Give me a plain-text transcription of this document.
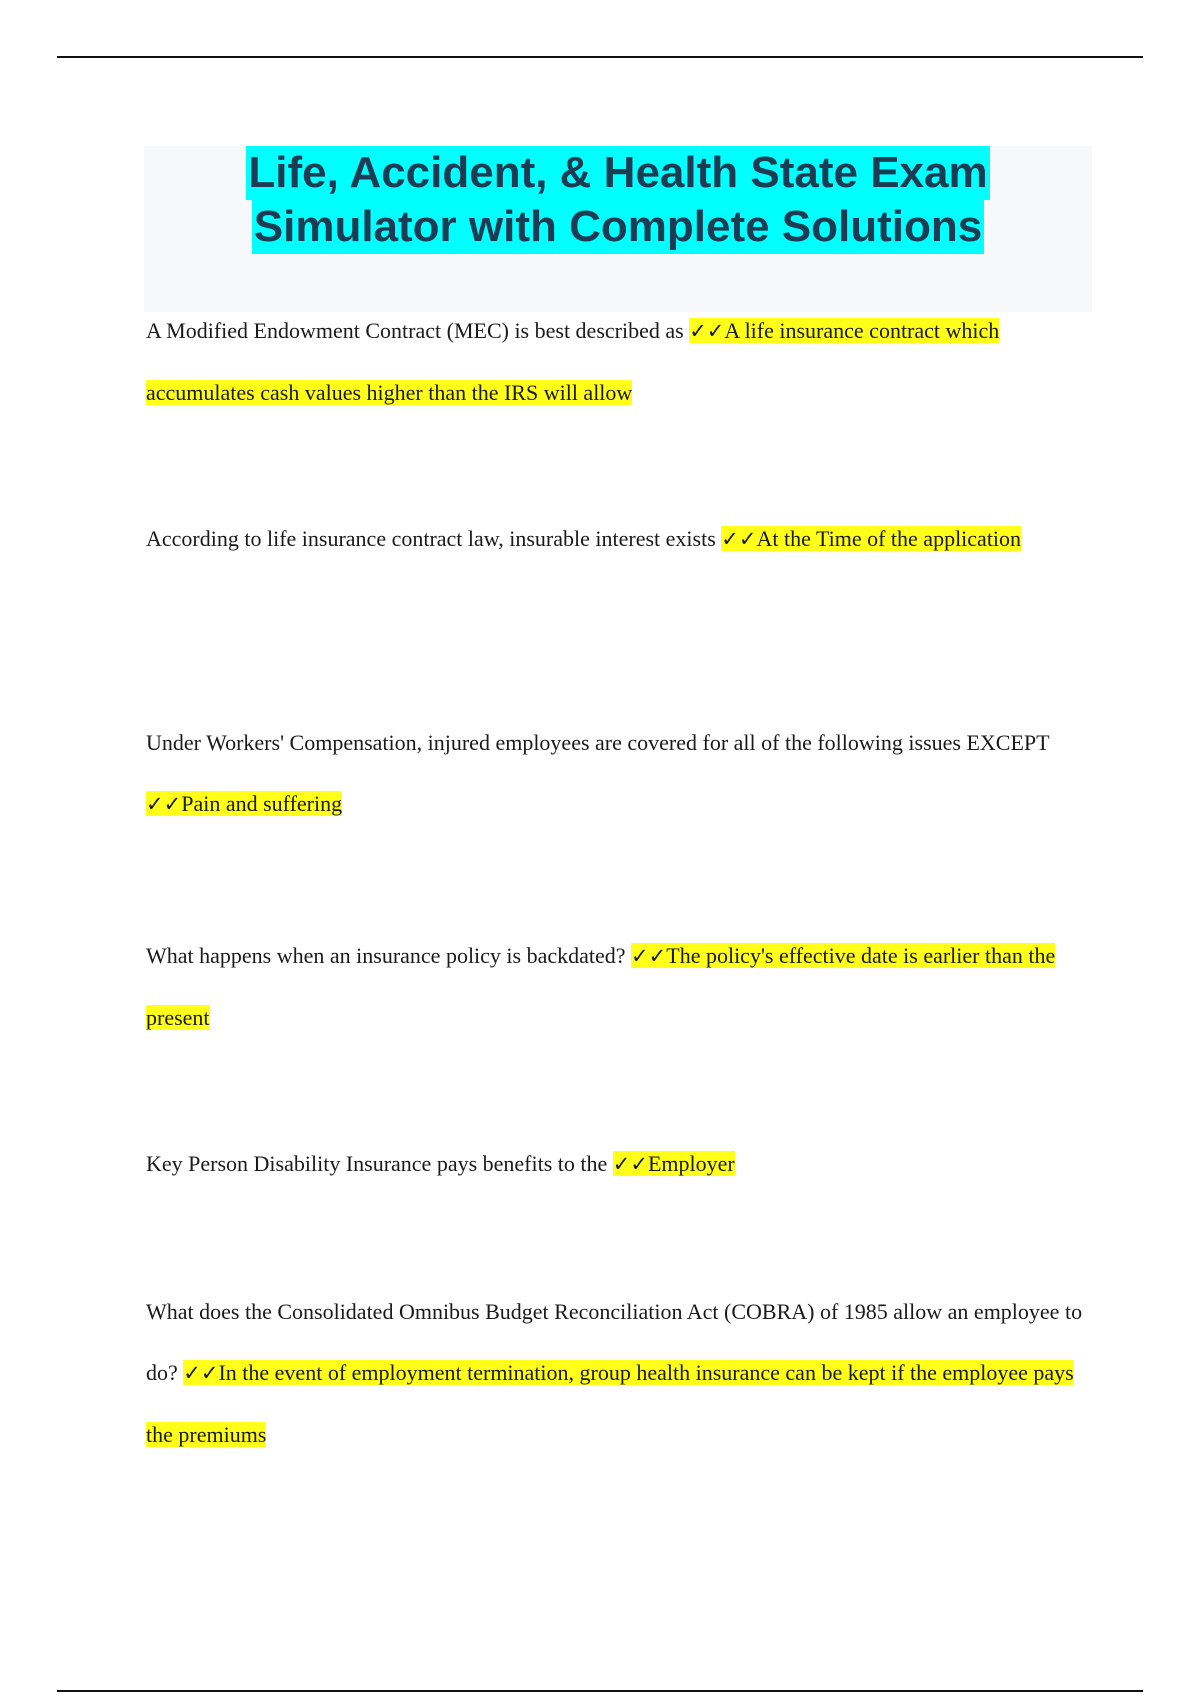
Life, Accident, & Health State Exam
Simulator with Complete Solutions

A Modified Endowment Contract (MEC) is best described as ✓✓A life insurance contract which accumulates cash values higher than the IRS will allow

According to life insurance contract law, insurable interest exists ✓✓At the Time of the application

Under Workers' Compensation, injured employees are covered for all of the following issues EXCEPT ✓✓Pain and suffering

What happens when an insurance policy is backdated? ✓✓The policy's effective date is earlier than the present

Key Person Disability Insurance pays benefits to the ✓✓Employer

What does the Consolidated Omnibus Budget Reconciliation Act (COBRA) of 1985 allow an employee to do? ✓✓In the event of employment termination, group health insurance can be kept if the employee pays the premiums
